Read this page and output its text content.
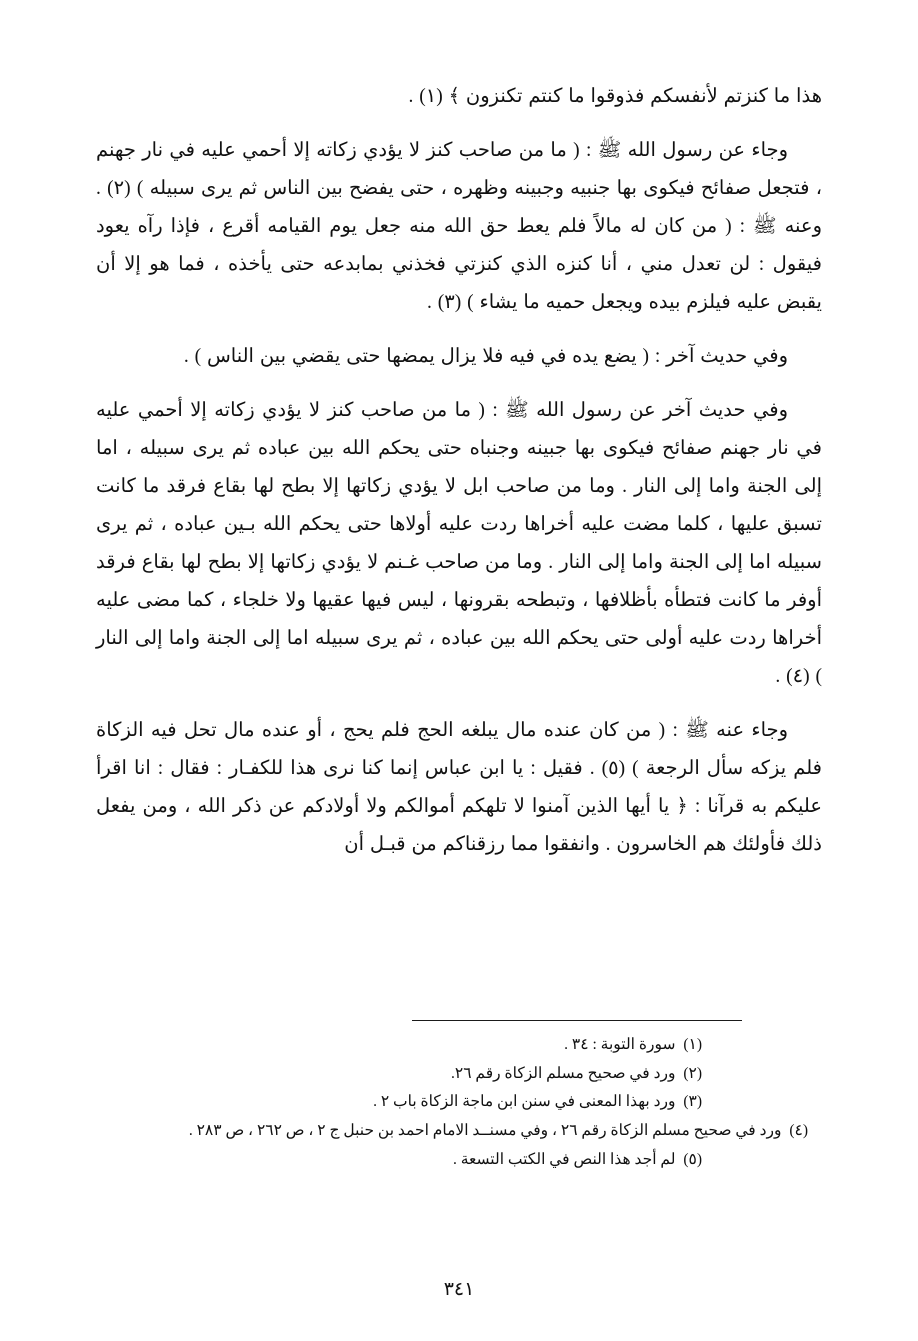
هذا ما كنزتم لأنفسكم فذوقوا ما كنتم تكنزون ﴾ (١) .

وجاء عن رسول الله ﷺ : ( ما من صاحب كنز لا يؤدي زكاته إلا أحمي عليه في نار جهنم ، فتجعل صفائح فيكوى بها جنبيه وجبينه وظهره ، حتى يفضح بين الناس ثم يرى سبيله ) (٢) . وعنه ﷺ : ( من كان له مالاً فلم يعط حق الله منه جعل يوم القيامه أقرع ، فإذا رآه يعود فيقول : لن تعدل مني ، أنا كنزه الذي كنزتي فخذني بمابدعه حتى يأخذه ، فما هو إلا أن يقبض عليه فيلزم بيده ويجعل حميه ما يشاء ) (٣) .

وفي حديث آخر : ( يضع يده في فيه فلا يزال يمضها حتى يقضي بين الناس ) .

وفي حديث آخر عن رسول الله ﷺ : ( ما من صاحب كنز لا يؤدي زكاته إلا أحمي عليه في نار جهنم صفائح فيكوى بها جبينه وجنباه حتى يحكم الله بين عباده ثم يرى سبيله ، اما إلى الجنة واما إلى النار . وما من صاحب ابل لا يؤدي زكاتها إلا بطح لها بقاع فرقد ما كانت تسبق عليها ، كلما مضت عليه أخراها ردت عليه أولاها حتى يحكم الله بـين عباده ، ثم يرى سبيله اما إلى الجنة واما إلى النار . وما من صاحب غـنم لا يؤدي زكاتها إلا بطح لها بقاع فرقد أوفر ما كانت فتطأه بأظلافها ، وتبطحه بقرونها ، ليس فيها عقيها ولا خلجاء ، كما مضى عليه أخراها ردت عليه أولى حتى يحكم الله بين عباده ، ثم يرى سبيله اما إلى الجنة واما إلى النار ) (٤) .

وجاء عنه ﷺ : ( من كان عنده مال يبلغه الحج فلم يحج ، أو عنده مال تحل فيه الزكاة فلم يزكه سأل الرجعة ) (٥) . فقيل : يا ابن عباس إنما كنا نرى هذا للكفـار : فقال : انا اقرأ عليكم به قرآنا : ﴿ يا أيها الذين آمنوا لا تلهكم أموالكم ولا أولادكم عن ذكر الله ، ومن يفعل ذلك فأولئك هم الخاسرون . وانفقوا مما رزقناكم من قبـل أن

(١) سورة التوبة : ٣٤ .

(٢) ورد في صحيح مسلم الزكاة رقم ٢٦.

(٣) ورد بهذا المعنى في سنن ابن ماجة الزكاة باب ٢ .

(٤) ورد في صحيح مسلم الزكاة رقم ٢٦ ، وفي مسنــد الامام احمد بن حنبل ج ٢ ، ص ٢٦٢ ، ص ٢٨٣ .

(٥) لم أجد هذا النص في الكتب التسعة .

٣٤١
